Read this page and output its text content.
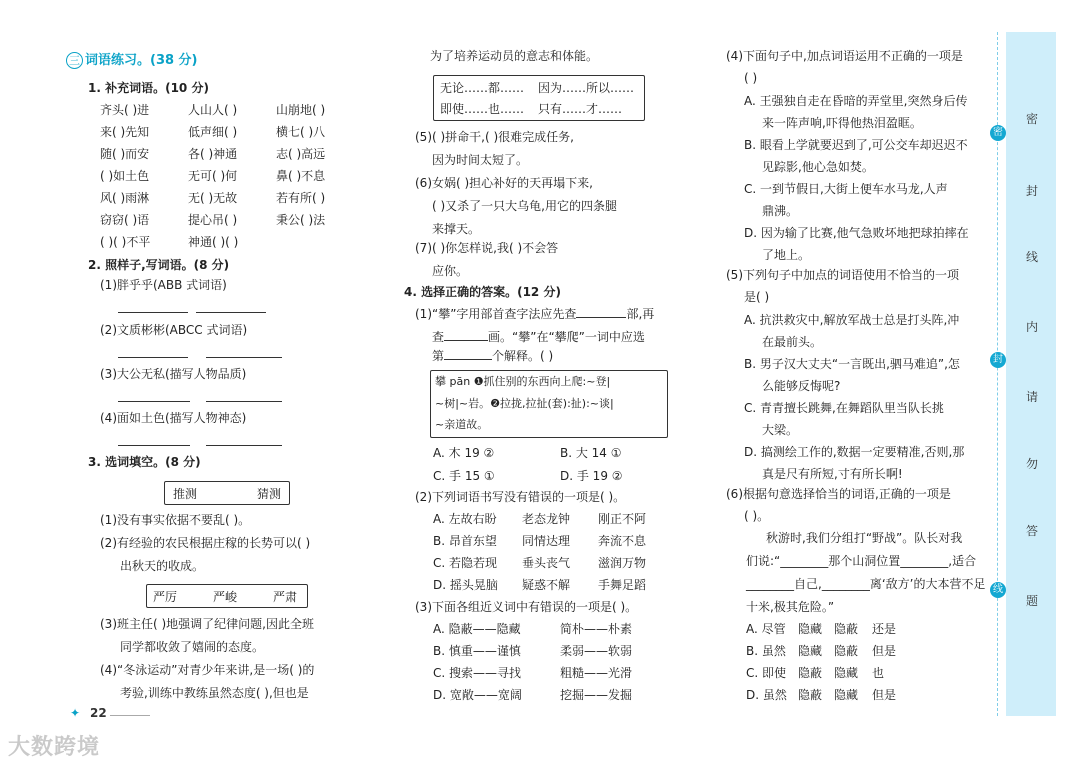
三 词语练习。(38 分)
1. 补充词语。(10 分)
齐头( )进	人山人( )	山崩地( )
来( )先知	低声细( )	横七( )八
随( )而安	各( )神通	志( )高远
( )如土色	无可( )何	鼻( )不息
风( )雨淋	无( )无故	若有所( )
窃窃( )语	提心吊( )	秉公( )法
( )( )不平	神通( )( )
2. 照样子,写词语。(8 分)
(1)胖乎乎(ABB 式词语)
(2)文质彬彬(ABCC 式词语)
(3)大公无私(描写人物品质)
(4)面如土色(描写人物神态)
3. 选词填空。(8 分)
推测	猜测
(1)没有事实依据不要乱( )。
(2)有经验的农民根据庄稼的长势可以( )
出秋天的收成。
严厉	严峻	严肃
(3)班主任( )地强调了纪律问题,因此全班
同学都收敛了嬉闹的态度。
(4)“冬泳运动”对青少年来讲,是一场( )的
考验,训练中教练虽然态度( ),但也是
✦ 22
大数跨境
为了培养运动员的意志和体能。
无论……都…… 因为……所以……
即使……也…… 只有……才……
(5)( )拼命干,( )很难完成任务,
因为时间太短了。
(6)女娲( )担心补好的天再塌下来,
( )又杀了一只大乌龟,用它的四条腿
来撑天。
(7)( )你怎样说,我( )不会答
应你。
4. 选择正确的答案。(12 分)
(1)“攀”字用部首查字法应先查	部,再
查	画。“攀”在“攀爬”一词中应选
第	个解释。( )
攀 pān ❶抓住别的东西向上爬:~登|
~树|~岩。❷拉拢,拉扯(套):扯):~谈|
~亲道故。
A. 木 19 ②	B. 大 14 ①
C. 手 15 ①	D. 手 19 ②
(2)下列词语书写没有错误的一项是( )。
A. 左故右盼 老态龙钟 刚正不阿
B. 昂首东望 同情达理 奔流不息
C. 若隐若现 垂头丧气 滋润万物
D. 摇头晃脑 疑惑不解 手舞足蹈
(3)下面各组近义词中有错误的一项是( )。
A. 隐蔽——隐藏	简朴——朴素
B. 慎重——谨慎	柔弱——软弱
C. 搜索——寻找	粗糙——光滑
D. 宽敞——宽阔	挖掘——发掘
(4)下面句子中,加点词语运用不正确的一项是
( )
A. 王强独自走在昏暗的弄堂里,突然身后传
来一阵声响,吓得他热泪盈眶。
B. 眼看上学就要迟到了,可公交车却迟迟不
见踪影,他心急如焚。
C. 一到节假日,大街上便车水马龙,人声
鼎沸。
D. 因为输了比赛,他气急败坏地把球拍摔在
了地上。
(5)下列句子中加点的词语使用不恰当的一项
是( )
A. 抗洪救灾中,解放军战士总是打头阵,冲
在最前头。
B. 男子汉大丈夫“一言既出,驷马难追”,怎
么能够反悔呢?
C. 青青擅长跳舞,在舞蹈队里当队长挑
大梁。
D. 搞测绘工作的,数据一定要精准,否则,那
真是尺有所短,寸有所长啊!
(6)根据句意选择恰当的词语,正确的一项是
( )。
秋游时,我们分组打“野战”。队长对我
们说:“________那个山洞位置________,适合
________自己,________离‘敌方’的大本营不足
十米,极其危险。”
A. 尽管 隐藏 隐蔽 还是
B. 虽然 隐藏 隐蔽 但是
C. 即使 隐蔽 隐藏 也
D. 虽然 隐蔽 隐藏 但是
密
封
线
内
请
勿
答
题
密
封
线
